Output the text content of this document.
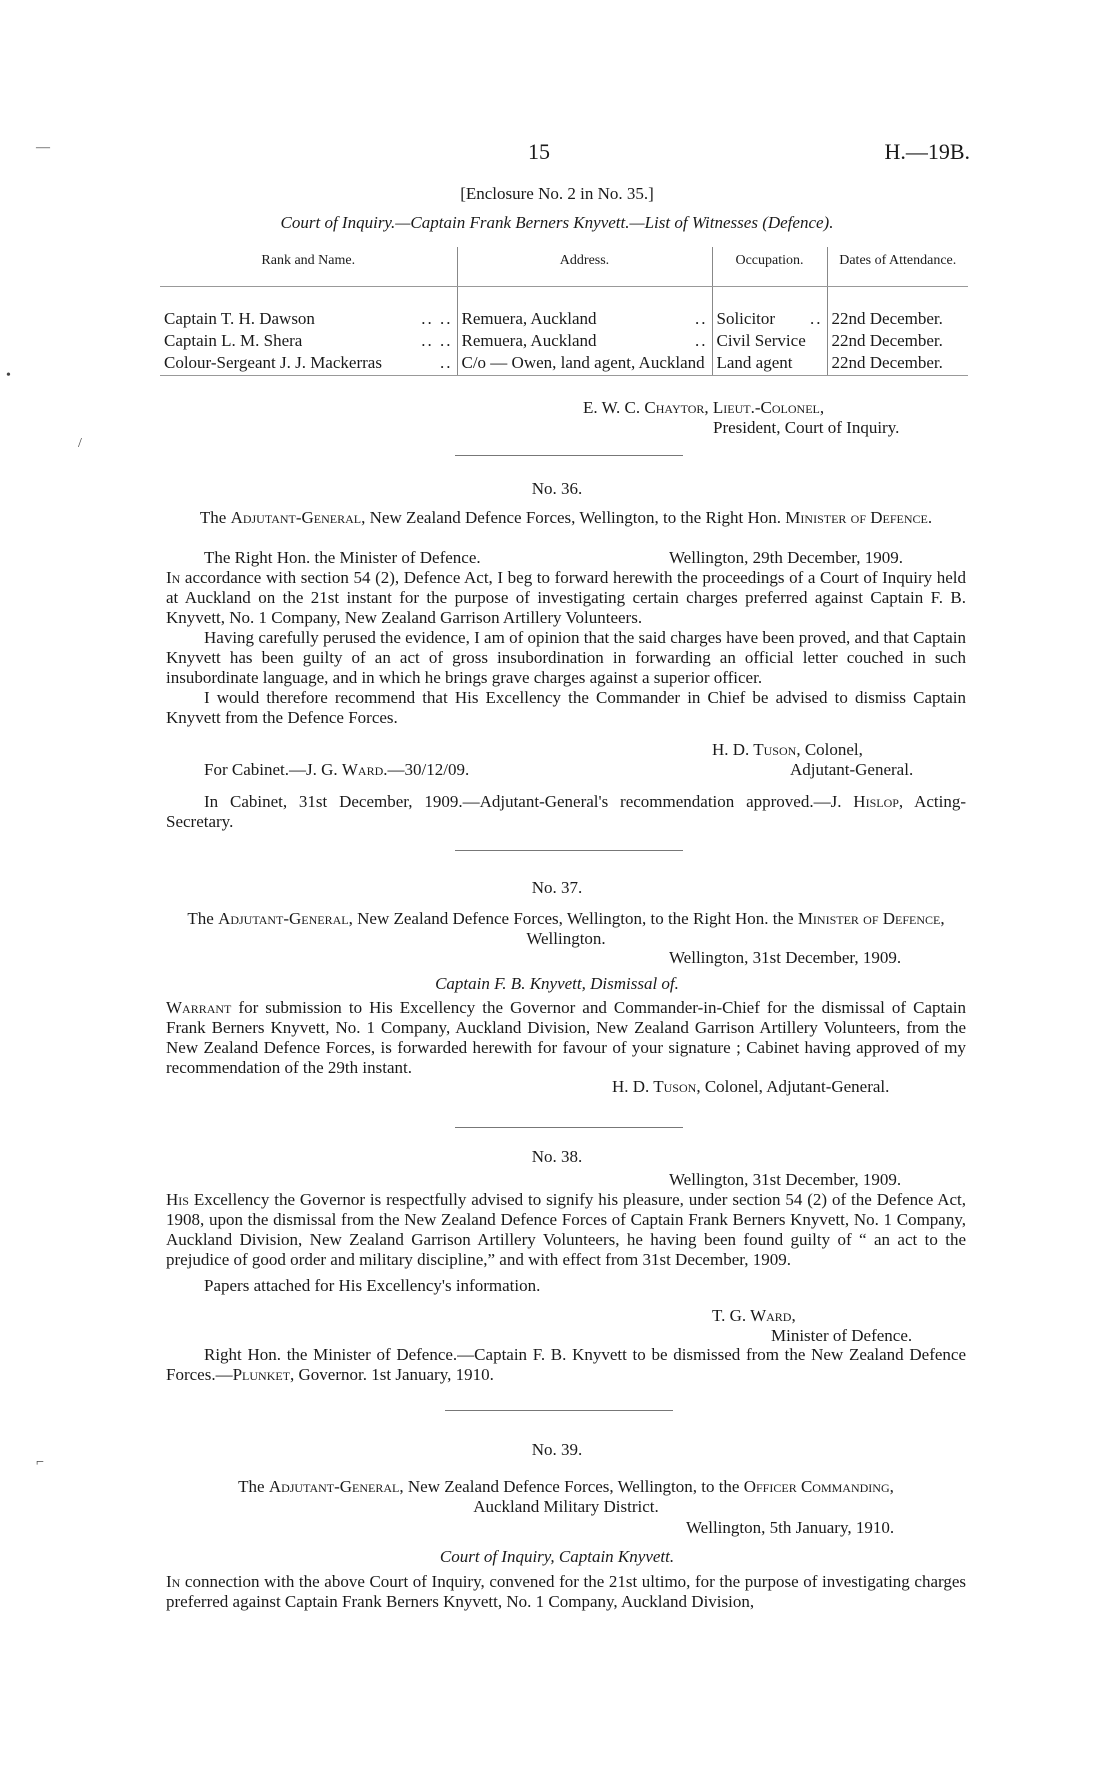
—
•
/
⌐
15	H.—19B.
[Enclosure No. 2 in No. 35.]
Court of Inquiry.—Captain Frank Berners Knyvett.—List of Witnesses (Defence).
Rank and Name.	Address.	Occupation.	Dates of Attendance.
Captain T. H. Dawson .. ..	Remuera, Auckland ..	Solicitor ..	22nd December.
Captain L. M. Shera .. ..	Remuera, Auckland ..	Civil Service	22nd December.
Colour-Sergeant J. J. Mackerras ..	C/o — Owen, land agent, Auckland	Land agent	22nd December.
E. W. C. Chaytor, Lieut.-Colonel,
President, Court of Inquiry.
No. 36.
The Adjutant-General, New Zealand Defence Forces, Wellington, to the Right Hon. Minister of Defence.
The Right Hon. the Minister of Defence.	Wellington, 29th December, 1909.

In accordance with section 54 (2), Defence Act, I beg to forward herewith the proceedings of a Court of Inquiry held at Auckland on the 21st instant for the purpose of investigating certain charges preferred against Captain F. B. Knyvett, No. 1 Company, New Zealand Garrison Artillery Volunteers.

Having carefully perused the evidence, I am of opinion that the said charges have been proved, and that Captain Knyvett has been guilty of an act of gross insubordination in forwarding an official letter couched in such insubordinate language, and in which he brings grave charges against a superior officer.

I would therefore recommend that His Excellency the Commander in Chief be advised to dismiss Captain Knyvett from the Defence Forces.

H. D. Tuson, Colonel,
Adjutant-General.
For Cabinet.—J. G. Ward.—30/12/09.

In Cabinet, 31st December, 1909.—Adjutant-General's recommendation approved.—J. Hislop, Acting-Secretary.

No. 37.
The Adjutant-General, New Zealand Defence Forces, Wellington, to the Right Hon. the Minister of Defence, Wellington.
Wellington, 31st December, 1909.
Captain F. B. Knyvett, Dismissal of.

Warrant for submission to His Excellency the Governor and Commander-in-Chief for the dismissal of Captain Frank Berners Knyvett, No. 1 Company, Auckland Division, New Zealand Garrison Artillery Volunteers, from the New Zealand Defence Forces, is forwarded herewith for favour of your signature ; Cabinet having approved of my recommendation of the 29th instant.

H. D. Tuson, Colonel, Adjutant-General.
No. 38.
Wellington, 31st December, 1909.

His Excellency the Governor is respectfully advised to signify his pleasure, under section 54 (2) of the Defence Act, 1908, upon the dismissal from the New Zealand Defence Forces of Captain Frank Berners Knyvett, No. 1 Company, Auckland Division, New Zealand Garrison Artillery Volunteers, he having been found guilty of “ an act to the prejudice of good order and military discipline,” and with effect from 31st December, 1909.

Papers attached for His Excellency's information.

T. G. Ward,
Minister of Defence.

Right Hon. the Minister of Defence.—Captain F. B. Knyvett to be dismissed from the New Zealand Defence Forces.—Plunket, Governor. 1st January, 1910.

No. 39.
The Adjutant-General, New Zealand Defence Forces, Wellington, to the Officer Commanding,
Auckland Military District.
Wellington, 5th January, 1910.
Court of Inquiry, Captain Knyvett.

In connection with the above Court of Inquiry, convened for the 21st ultimo, for the purpose of investigating charges preferred against Captain Frank Berners Knyvett, No. 1 Company, Auckland Division,
